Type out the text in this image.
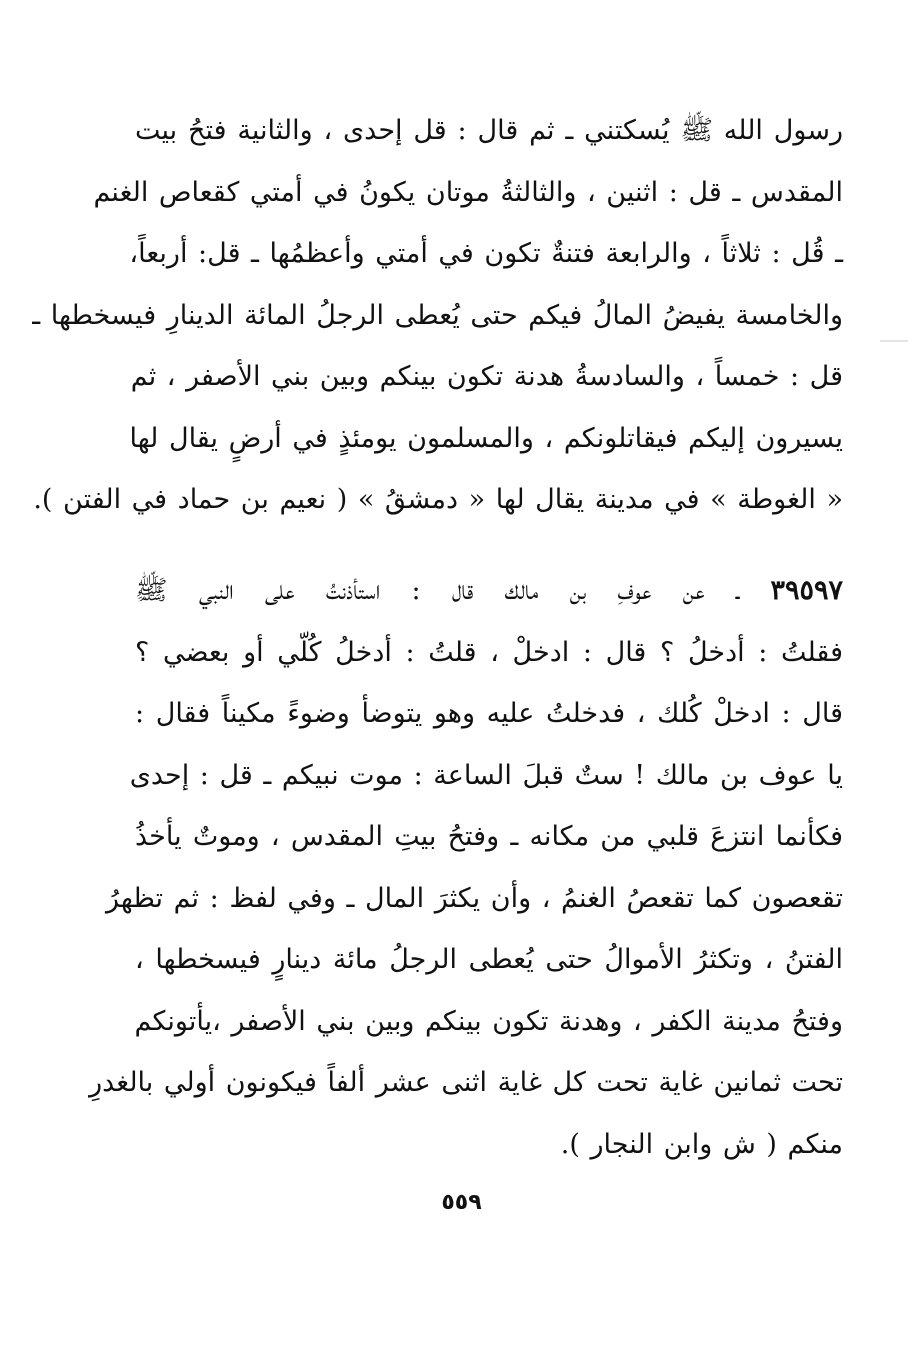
رسول الله ﷺ يُسكتني ـ ثم قال : قل إحدى ، والثانية فتحُ بيت
المقدس ـ قل : اثنين ، والثالثةُ موتان يكونُ في أمتي كقعاص الغنم
ـ قُل : ثلاثاً ، والرابعة فتنةٌ تكون في أمتي وأعظمُها ـ قل: أربعاً،
والخامسة يفيضُ المالُ فيكم حتى يُعطى الرجلُ المائة الدينارِ فيسخطها ـ
قل : خمساً ، والسادسةُ هدنة تكون بينكم وبين بني الأصفر ، ثم
يسيرون إليكم فيقاتلونكم ، والمسلمون يومئذٍ في أرضٍ يقال لها
« الغوطة » في مدينة يقال لها « دمشقُ » ( نعيم بن حماد في الفتن ).
٣٩٥٩٧ ـ عن عوفِ بن مالك قال : استأذنتُ على النبي ﷺ
فقلتُ : أدخلُ ؟ قال : ادخلْ ، قلتُ : أدخلُ كُلّي أو بعضي ؟
قال : ادخلْ كُلك ، فدخلتُ عليه وهو يتوضأ وضوءً مكيناً فقال :
يا عوف بن مالك ! ستٌ قبلَ الساعة : موت نبيكم ـ قل : إحدى
فكأنما انتزعَ قلبي من مكانه ـ وفتحُ بيتِ المقدس ، وموتٌ يأخذُ
تقعصون كما تقعصُ الغنمُ ، وأن يكثرَ المال ـ وفي لفظ : ثم تظهرُ
الفتنُ ، وتكثرُ الأموالُ حتى يُعطى الرجلُ مائة دينارٍ فيسخطها ،
وفتحُ مدينة الكفر ، وهدنة تكون بينكم وبين بني الأصفر ،يأتونكم
تحت ثمانين غاية تحت كل غاية اثنى عشر ألفاً فيكونون أولي بالغدرِ
منكم ( ش وابن النجار ).
٥٥٩
